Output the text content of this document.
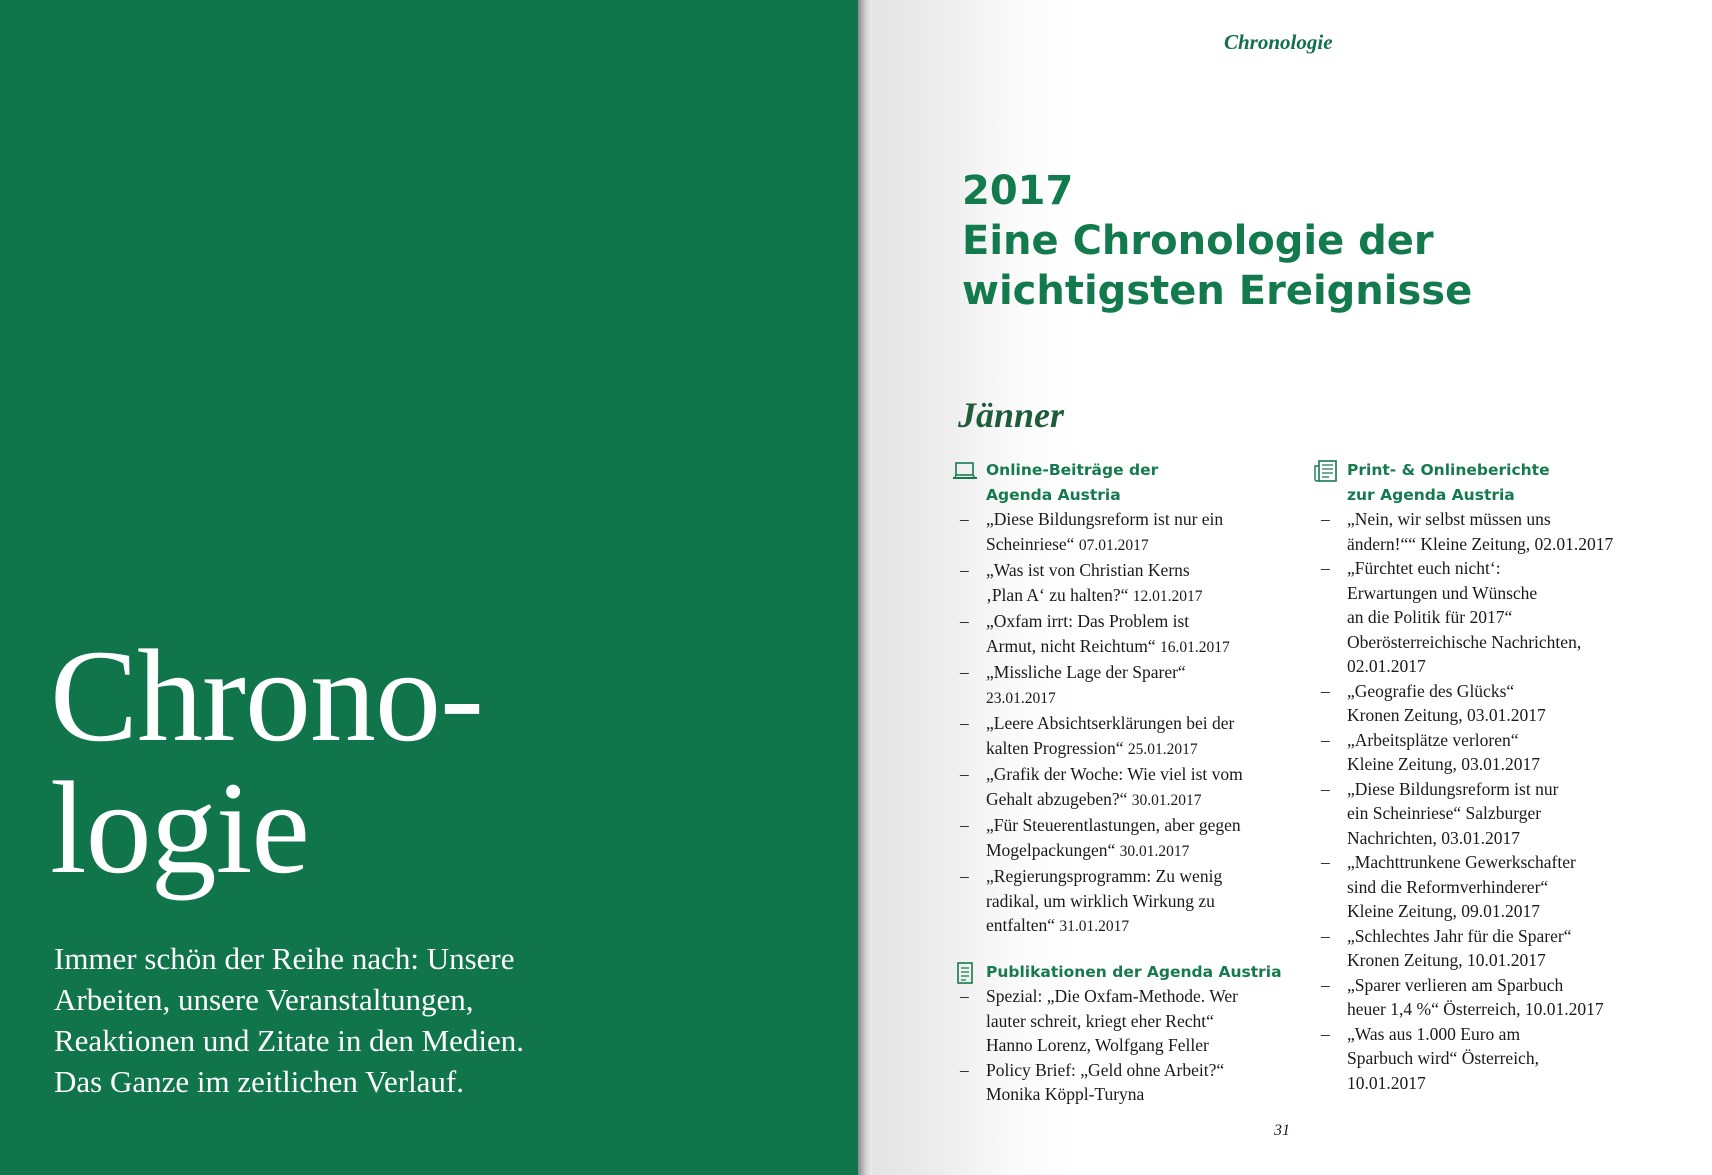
Chrono-
logie

Immer schön der Reihe nach: Unsere
Arbeiten, unsere Veranstaltungen,
Reaktionen und Zitate in den Medien.
Das Ganze im zeitlichen Verlauf.

Chronologie

2017
Eine Chronologie der
wichtigsten Ereignisse
Jänner
Online-Beiträge der
Agenda Austria
– „Diese Bildungsreform ist nur ein
Scheinriese“ 07.01.2017
– „Was ist von Christian Kerns
‚Plan A‘ zu halten?“ 12.01.2017
– „Oxfam irrt: Das Problem ist
Armut, nicht Reichtum“ 16.01.2017
– „Missliche Lage der Sparer“
23.01.2017
– „Leere Absichtserklärungen bei der
kalten Progression“ 25.01.2017
– „Grafik der Woche: Wie viel ist vom
Gehalt abzugeben?“ 30.01.2017
– „Für Steuerentlastungen, aber gegen
Mogelpackungen“ 30.01.2017
– „Regierungsprogramm: Zu wenig
radikal, um wirklich Wirkung zu
entfalten“ 31.01.2017
Publikationen der Agenda Austria
– Spezial: „Die Oxfam-Methode. Wer
lauter schreit, kriegt eher Recht“
Hanno Lorenz, Wolfgang Feller
– Policy Brief: „Geld ohne Arbeit?“
Monika Köppl-Turyna
Print- & Onlineberichte
zur Agenda Austria
– „Nein, wir selbst müssen uns
ändern!““ Kleine Zeitung, 02.01.2017
– „Fürchtet euch nicht‘:
Erwartungen und Wünsche
an die Politik für 2017“
Oberösterreichische Nachrichten,
02.01.2017
– „Geografie des Glücks“
Kronen Zeitung, 03.01.2017
– „Arbeitsplätze verloren“
Kleine Zeitung, 03.01.2017
– „Diese Bildungsreform ist nur
ein Scheinriese“ Salzburger
Nachrichten, 03.01.2017
– „Machttrunkene Gewerkschafter
sind die Reformverhinderer“
Kleine Zeitung, 09.01.2017
– „Schlechtes Jahr für die Sparer“
Kronen Zeitung, 10.01.2017
– „Sparer verlieren am Sparbuch
heuer 1,4 %“ Österreich, 10.01.2017
– „Was aus 1.000 Euro am
Sparbuch wird“ Österreich,
10.01.2017

31
